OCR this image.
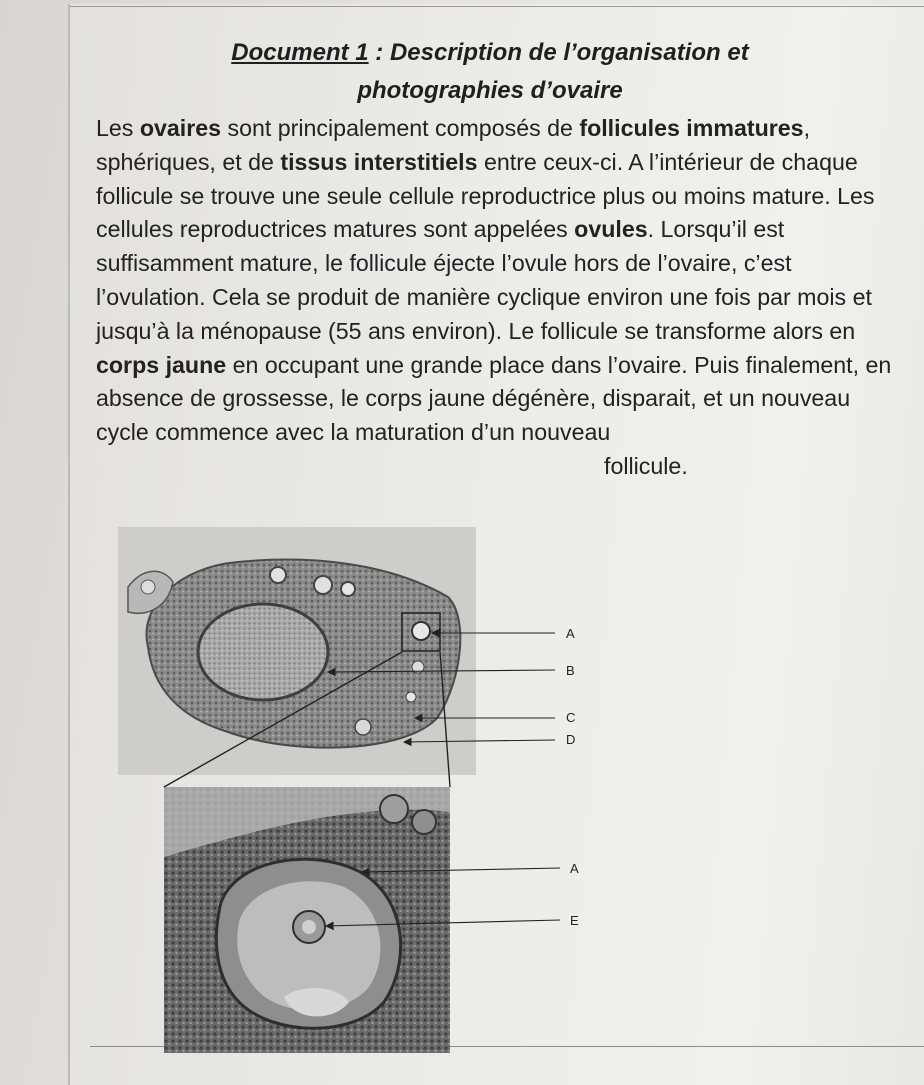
Document 1 : Description de l’organisation et
photographies d’ovaire
Les ovaires sont principalement composés de follicules immatures, sphériques, et de tissus interstitiels entre ceux-ci. A l’intérieur de chaque follicule se trouve une seule cellule reproductrice plus ou moins mature. Les cellules reproductrices matures sont appelées ovules. Lorsqu’il est suffisamment mature, le follicule éjecte l’ovule hors de l’ovaire, c’est l’ovulation. Cela se produit de manière cyclique environ une fois par mois et jusqu’à la ménopause (55 ans environ). Le follicule se transforme alors en corps jaune en occupant une grande place dans l’ovaire. Puis finalement, en absence de grossesse, le corps jaune dégénère, disparait, et un nouveau cycle commence avec la maturation d’un nouveau
follicule.
A
B
C
D
A
E
